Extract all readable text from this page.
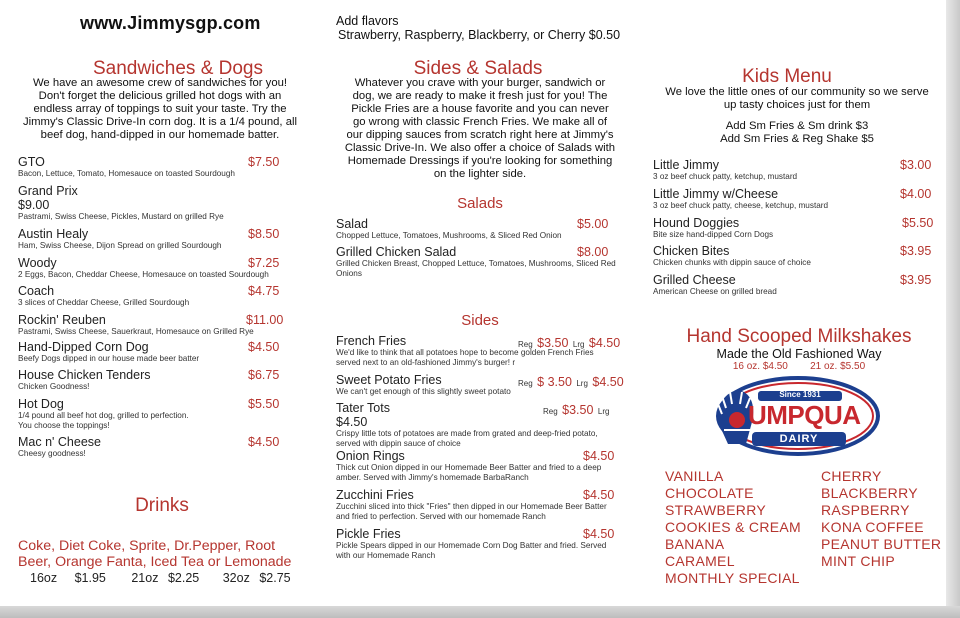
www.Jimmysgp.com
Sandwiches & Dogs
We have an awesome crew of sandwiches for you! Don't forget the delicious grilled hot dogs with an endless array of toppings to suit your taste. Try the Jimmy's Classic Drive-In corn dog. It is a 1/4 pound, all beef dog, hand-dipped in our homemade batter.
GTO
Bacon, Lettuce, Tomato, Homesauce on toasted Sourdough
$7.50
Grand Prix
$9.00
Pastrami, Swiss Cheese, Pickles, Mustard on grilled Rye
Austin Healy
Ham, Swiss Cheese, Dijon Spread on grilled Sourdough
$8.50
Woody
2 Eggs, Bacon, Cheddar Cheese, Homesauce on toasted Sourdough
$7.25
Coach
3 slices of Cheddar Cheese, Grilled Sourdough
$4.75
Rockin' Reuben
Pastrami, Swiss Cheese, Sauerkraut, Homesauce on Grilled Rye
$11.00
Hand-Dipped Corn Dog
Beefy Dogs dipped in our house made beer batter
$4.50
House Chicken Tenders
Chicken Goodness!
$6.75
Hot Dog
1/4 pound all beef hot dog, grilled to perfection.
You choose the toppings!
$5.50
Mac n' Cheese
Cheesy goodness!
$4.50
Drinks
Coke, Diet Coke, Sprite, Dr.Pepper, Root Beer, Orange Fanta, Iced Tea or Lemonade
16oz $1.95 21oz $2.25 32oz $2.75
Add flavors
Strawberry, Raspberry, Blackberry, or Cherry $0.50
Sides & Salads
Whatever you crave with your burger, sandwich or dog, we are ready to make it fresh just for you! The Pickle Fries are a house favorite and you can never go wrong with classic French Fries. We make all of our dipping sauces from scratch right here at Jimmy's Classic Drive-In. We also offer a choice of Salads with Homemade Dressings if you're looking for something on the lighter side.
Salads
Salad
Chopped Lettuce, Tomatoes, Mushrooms, & Sliced Red Onion
$5.00
Grilled Chicken Salad
Grilled Chicken Breast, Chopped Lettuce, Tomatoes, Mushrooms, Sliced Red Onions
$8.00
Sides
French Fries
We'd like to think that all potatoes hope to become golden French Fries served next to an old-fashioned Jimmy's burger! r
Reg $3.50 Lrg $4.50
Sweet Potato Fries
We can't get enough of this slightly sweet potato
Reg $ 3.50 Lrg $4.50
Tater Tots
$4.50
Crispy little tots of potatoes are made from grated and deep-fried potato, served with dippin sauce of choice
Reg $3.50 Lrg
Onion Rings
Thick cut Onion dipped in our Homemade Beer Batter and fried to a deep amber. Served with Jimmy's homemade BarbaRanch
$4.50
Zucchini Fries
Zucchini sliced into thick "Fries" then dipped in our Homemade Beer Batter and fried to perfection. Served with our homemade Ranch
$4.50
Pickle Fries
Pickle Spears dipped in our Homemade Corn Dog Batter and fried. Served with our Homemade Ranch
$4.50
Kids Menu
We love the little ones of our community so we serve up tasty choices just for them
Add Sm Fries & Sm drink $3
Add Sm Fries & Reg Shake $5
Little Jimmy
3 oz beef chuck patty, ketchup, mustard
$3.00
Little Jimmy w/Cheese
3 oz beef chuck patty, cheese, ketchup, mustard
$4.00
Hound Doggies
Bite size hand-dipped Corn Dogs
$5.50
Chicken Bites
Chicken chunks with dippin sauce of choice
$3.95
Grilled Cheese
American Cheese on grilled bread
$3.95
Hand Scooped Milkshakes
Made the Old Fashioned Way
16 oz. $4.50        21 oz. $5.50
Since 1931
UMPQUA
DAIRY
VANILLA
CHOCOLATE
STRAWBERRY
COOKIES & CREAM
BANANA
CARAMEL
MONTHLY SPECIAL
CHERRY
BLACKBERRY
RASPBERRY
KONA COFFEE
PEANUT BUTTER
MINT CHIP
